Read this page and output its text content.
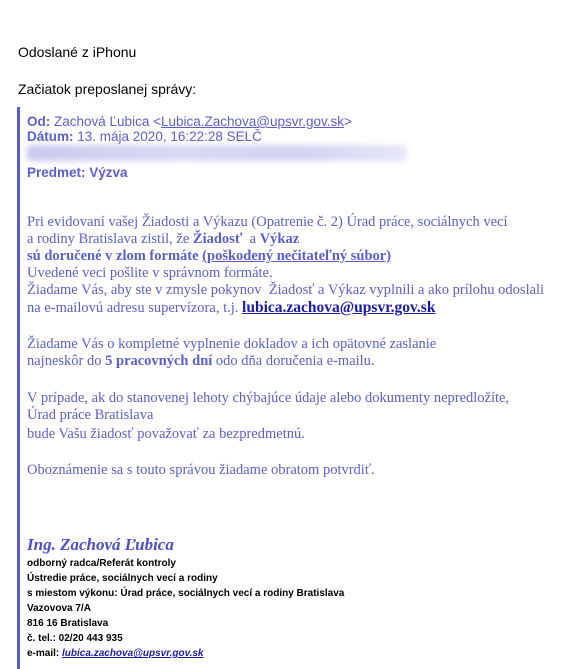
Odoslané z iPhonu
Začiatok preposlanej správy:
Od: Zachová Ľubica <Lubica.Zachova@upsvr.gov.sk>
Dátum: 13. mája 2020, 16:22:28 SELČ
Predmet: Výzva
Pri evidovaní vašej Žiadosti a Výkazu (Opatrenie č. 2) Úrad práce, sociálnych vecí
a rodiny Bratislava zistil, že Žiadosť  a Výkaz
sú doručené v zlom formáte (poškodený nečitateľný súbor)
Uvedené veci pošlite v správnom formáte.
Žiadame Vás, aby ste v zmysle pokynov  Žiadosť a Výkaz vyplnili a ako prílohu odoslali
na e-mailovú adresu supervízora, t.j. lubica.zachova@upsvr.gov.sk
Žiadame Vás o kompletné vyplnenie dokladov a ich opätovné zaslanie
najneskôr do 5 pracovných dní odo dňa doručenia e-mailu.
V prípade, ak do stanovenej lehoty chýbajúce údaje alebo dokumenty nepredložíte,
Úrad práce Bratislava
bude Vašu žiadosť považovať za bezpredmetnú.
Oboznámenie sa s touto správou žiadame obratom potvrdiť.
Ing. Zachová Ľubica
odborný radca/Referát kontroly
Ústredie práce, sociálnych vecí a rodiny
s miestom výkonu: Úrad práce, sociálnych vecí a rodiny Bratislava
Vazovova 7/A
816 16 Bratislava
č. tel.: 02/20 443 935
e-mail: lubica.zachova@upsvr.gov.sk
